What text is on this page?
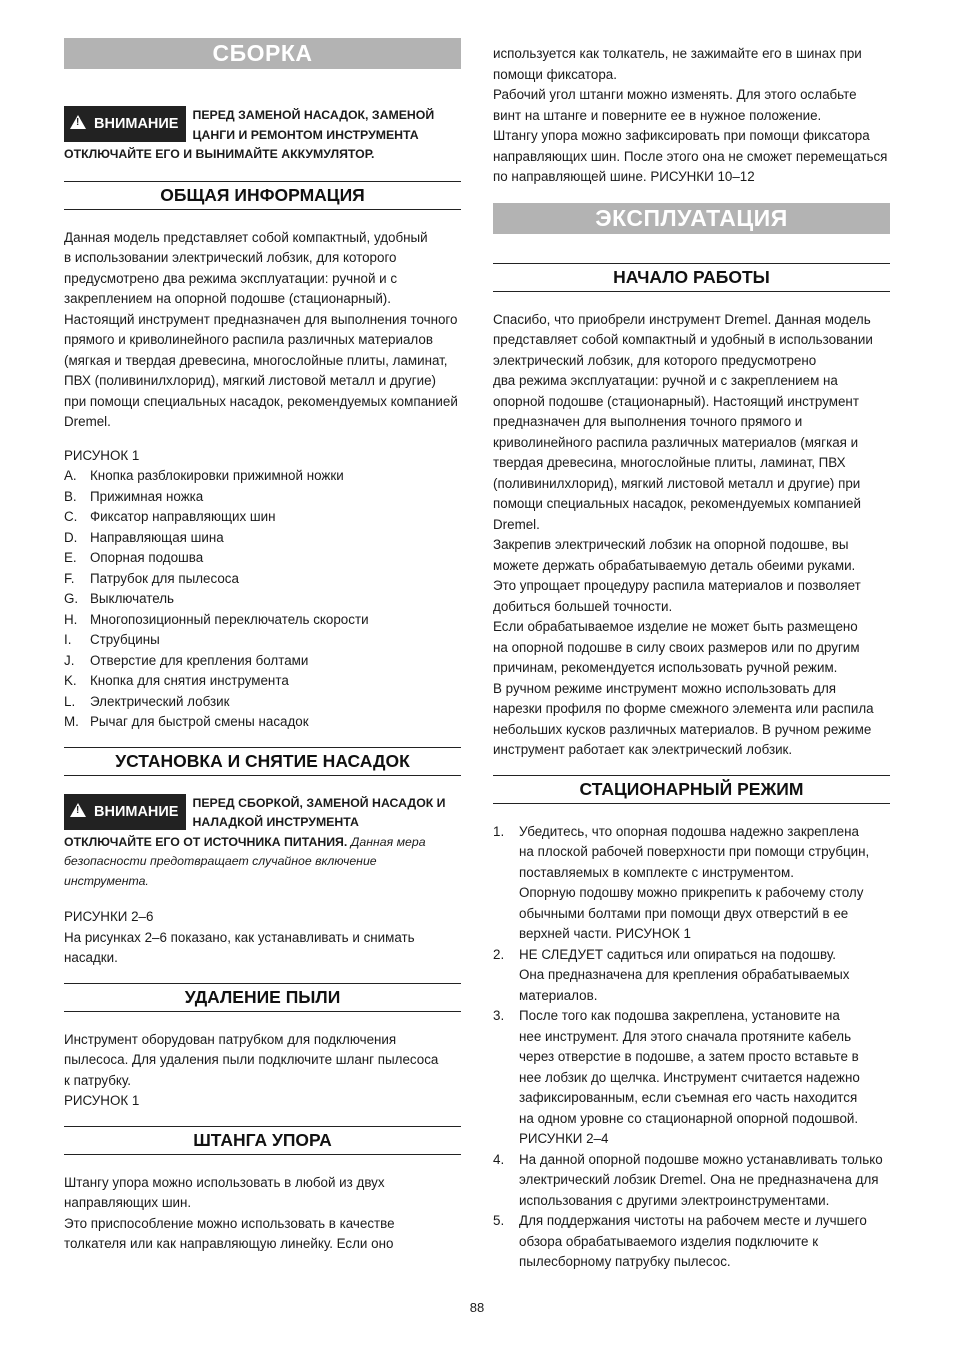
СБОРКА
!ВНИМАНИЕ
ПЕРЕД ЗАМЕНОЙ НАСАДОК, ЗАМЕНОЙ
ЦАНГИ И РЕМОНТОМ ИНСТРУМЕНТА
ОТКЛЮЧАЙТЕ ЕГО И ВЫНИМАЙТЕ АККУМУЛЯТОР.
ОБЩАЯ ИНФОРМАЦИЯ

Данная модель представляет собой компактный, удобный

в использовании электрический лобзик, для которого

предусмотрено два режима эксплуатации: ручной и с

закреплением на опорной подошве (стационарный).

Настоящий инструмент предназначен для выполнения точного

прямого и криволинейного распила различных материалов

(мягкая и твердая древесина, многослойные плиты, ламинат,

ПВХ (поливинилхлорид), мягкий листовой металл и другие)

при помощи специальных насадок, рекомендуемых компанией

Dremel.

РИСУНОК 1

A. Кнопка разблокировки прижимной ножки
B. Прижимная ножка
C. Фиксатор направляющих шин
D. Направляющая шина
E. Опорная подошва
F. Патрубок для пылесоса
G. Выключатель
H. Многопозиционный переключатель скорости
I. Струбцины
J. Отверстие для крепления болтами
K. Кнопка для снятия инструмента
L. Электрический лобзик
M. Рычаг для быстрой смены насадок
УСТАНОВКА И СНЯТИЕ НАСАДОК
!ВНИМАНИЕ
ПЕРЕД СБОРКОЙ, ЗАМЕНОЙ НАСАДОК И
НАЛАДКОЙ ИНСТРУМЕНТА
ОТКЛЮЧАЙТЕ ЕГО ОТ ИСТОЧНИКА ПИТАНИЯ. Данная мера
безопасности предотвращает случайное включение
инструмента.

РИСУНКИ 2–6

На рисунках 2–6 показано, как устанавливать и снимать

насадки.

УДАЛЕНИЕ ПЫЛИ

Инструмент оборудован патрубком для подключения

пылесоса. Для удаления пыли подключите шланг пылесоса

к патрубку.

РИСУНОК 1

ШТАНГА УПОРА

Штангу упора можно использовать в любой из двух

направляющих шин.

Это приспособление можно использовать в качестве

толкателя или как направляющую линейку. Если оно

используется как толкатель, не зажимайте его в шинах при

помощи фиксатора.

Рабочий угол штанги можно изменять. Для этого ослабьте

винт на штанге и поверните ее в нужное положение.

Штангу упора можно зафиксировать при помощи фиксатора

направляющих шин. После этого она не сможет перемещаться

по направляющей шине. РИСУНКИ 10–12

ЭКСПЛУАТАЦИЯ
НАЧАЛО РАБОТЫ

Спасибо, что приобрели инструмент Dremel. Данная модель

представляет собой компактный и удобный в использовании

электрический лобзик, для которого предусмотрено

два режима эксплуатации: ручной и с закреплением на

опорной подошве (стационарный). Настоящий инструмент

предназначен для выполнения точного прямого и

криволинейного распила различных материалов (мягкая и

твердая древесина, многослойные плиты, ламинат, ПВХ

(поливинилхлорид), мягкий листовой металл и другие) при

помощи специальных насадок, рекомендуемых компанией

Dremel.

Закрепив электрический лобзик на опорной подошве, вы

можете держать обрабатываемую деталь обеими руками.

Это упрощает процедуру распила материалов и позволяет

добиться большей точности.

Если обрабатываемое изделие не может быть размещено

на опорной подошве в силу своих размеров или по другим

причинам, рекомендуется использовать ручной режим.

В ручном режиме инструмент можно использовать для

нарезки профиля по форме смежного элемента или распила

небольших кусков различных материалов. В ручном режиме

инструмент работает как электрический лобзик.

СТАЦИОНАРНЫЙ РЕЖИМ
1. Убедитесь, что опорная подошва надежно закреплена
на плоской рабочей поверхности при помощи струбцин,
поставляемых в комплекте с инструментом.
Опорную подошву можно прикрепить к рабочему столу
обычными болтами при помощи двух отверстий в ее
верхней части. РИСУНОК 1
2. НЕ СЛЕДУЕТ садиться или опираться на подошву.
Она предназначена для крепления обрабатываемых
материалов.
3. После того как подошва закреплена, установите на
нее инструмент. Для этого сначала протяните кабель
через отверстие в подошве, а затем просто вставьте в
нее лобзик до щелчка. Инструмент считается надежно
зафиксированным, если съемная его часть находится
на одном уровне со стационарной опорной подошвой.
РИСУНКИ 2–4
4. На данной опорной подошве можно устанавливать только
электрический лобзик Dremel. Она не предназначена для
использования с другими электроинструментами.
5. Для поддержания чистоты на рабочем месте и лучшего
обзора обрабатываемого изделия подключите к
пылесборному патрубку пылесос.
88
